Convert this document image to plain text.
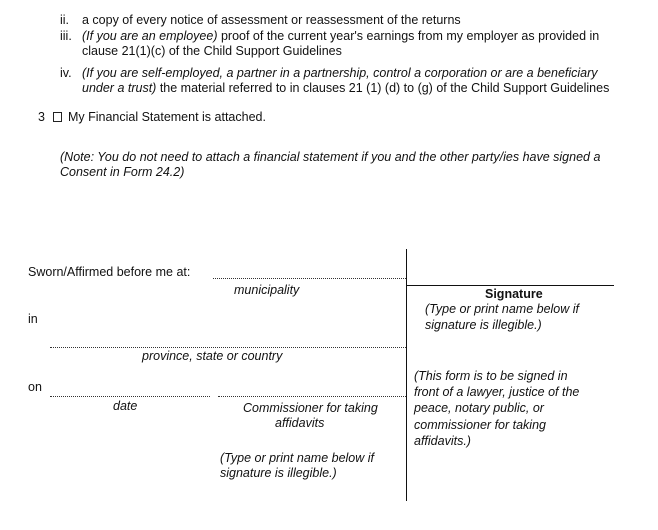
ii.	a copy of every notice of assessment or reassessment of the returns
iii. (If you are an employee) proof of the current year's earnings from my employer as provided in
clause 21(1)(c) of the Child Support Guidelines
iv. (If you are self-employed, a partner in a partnership, control a corporation or are a beneficiary
under a trust) the material referred to in clauses 21 (1) (d) to (g) of the Child Support Guidelines
3 My Financial Statement is attached.
(Note: You do not need to attach a financial statement if you and the other party/ies have signed a
Consent in Form 24.2)
Sworn/Affirmed before me at:
municipality
in
province, state or country
on
date	Commissioner for taking
affidavits
(Type or print name below if
signature is illegible.)
Signature
(Type or print name below if
signature is illegible.)
(This form is to be signed in
front of a lawyer, justice of the
peace, notary public, or
commissioner for taking
affidavits.)
